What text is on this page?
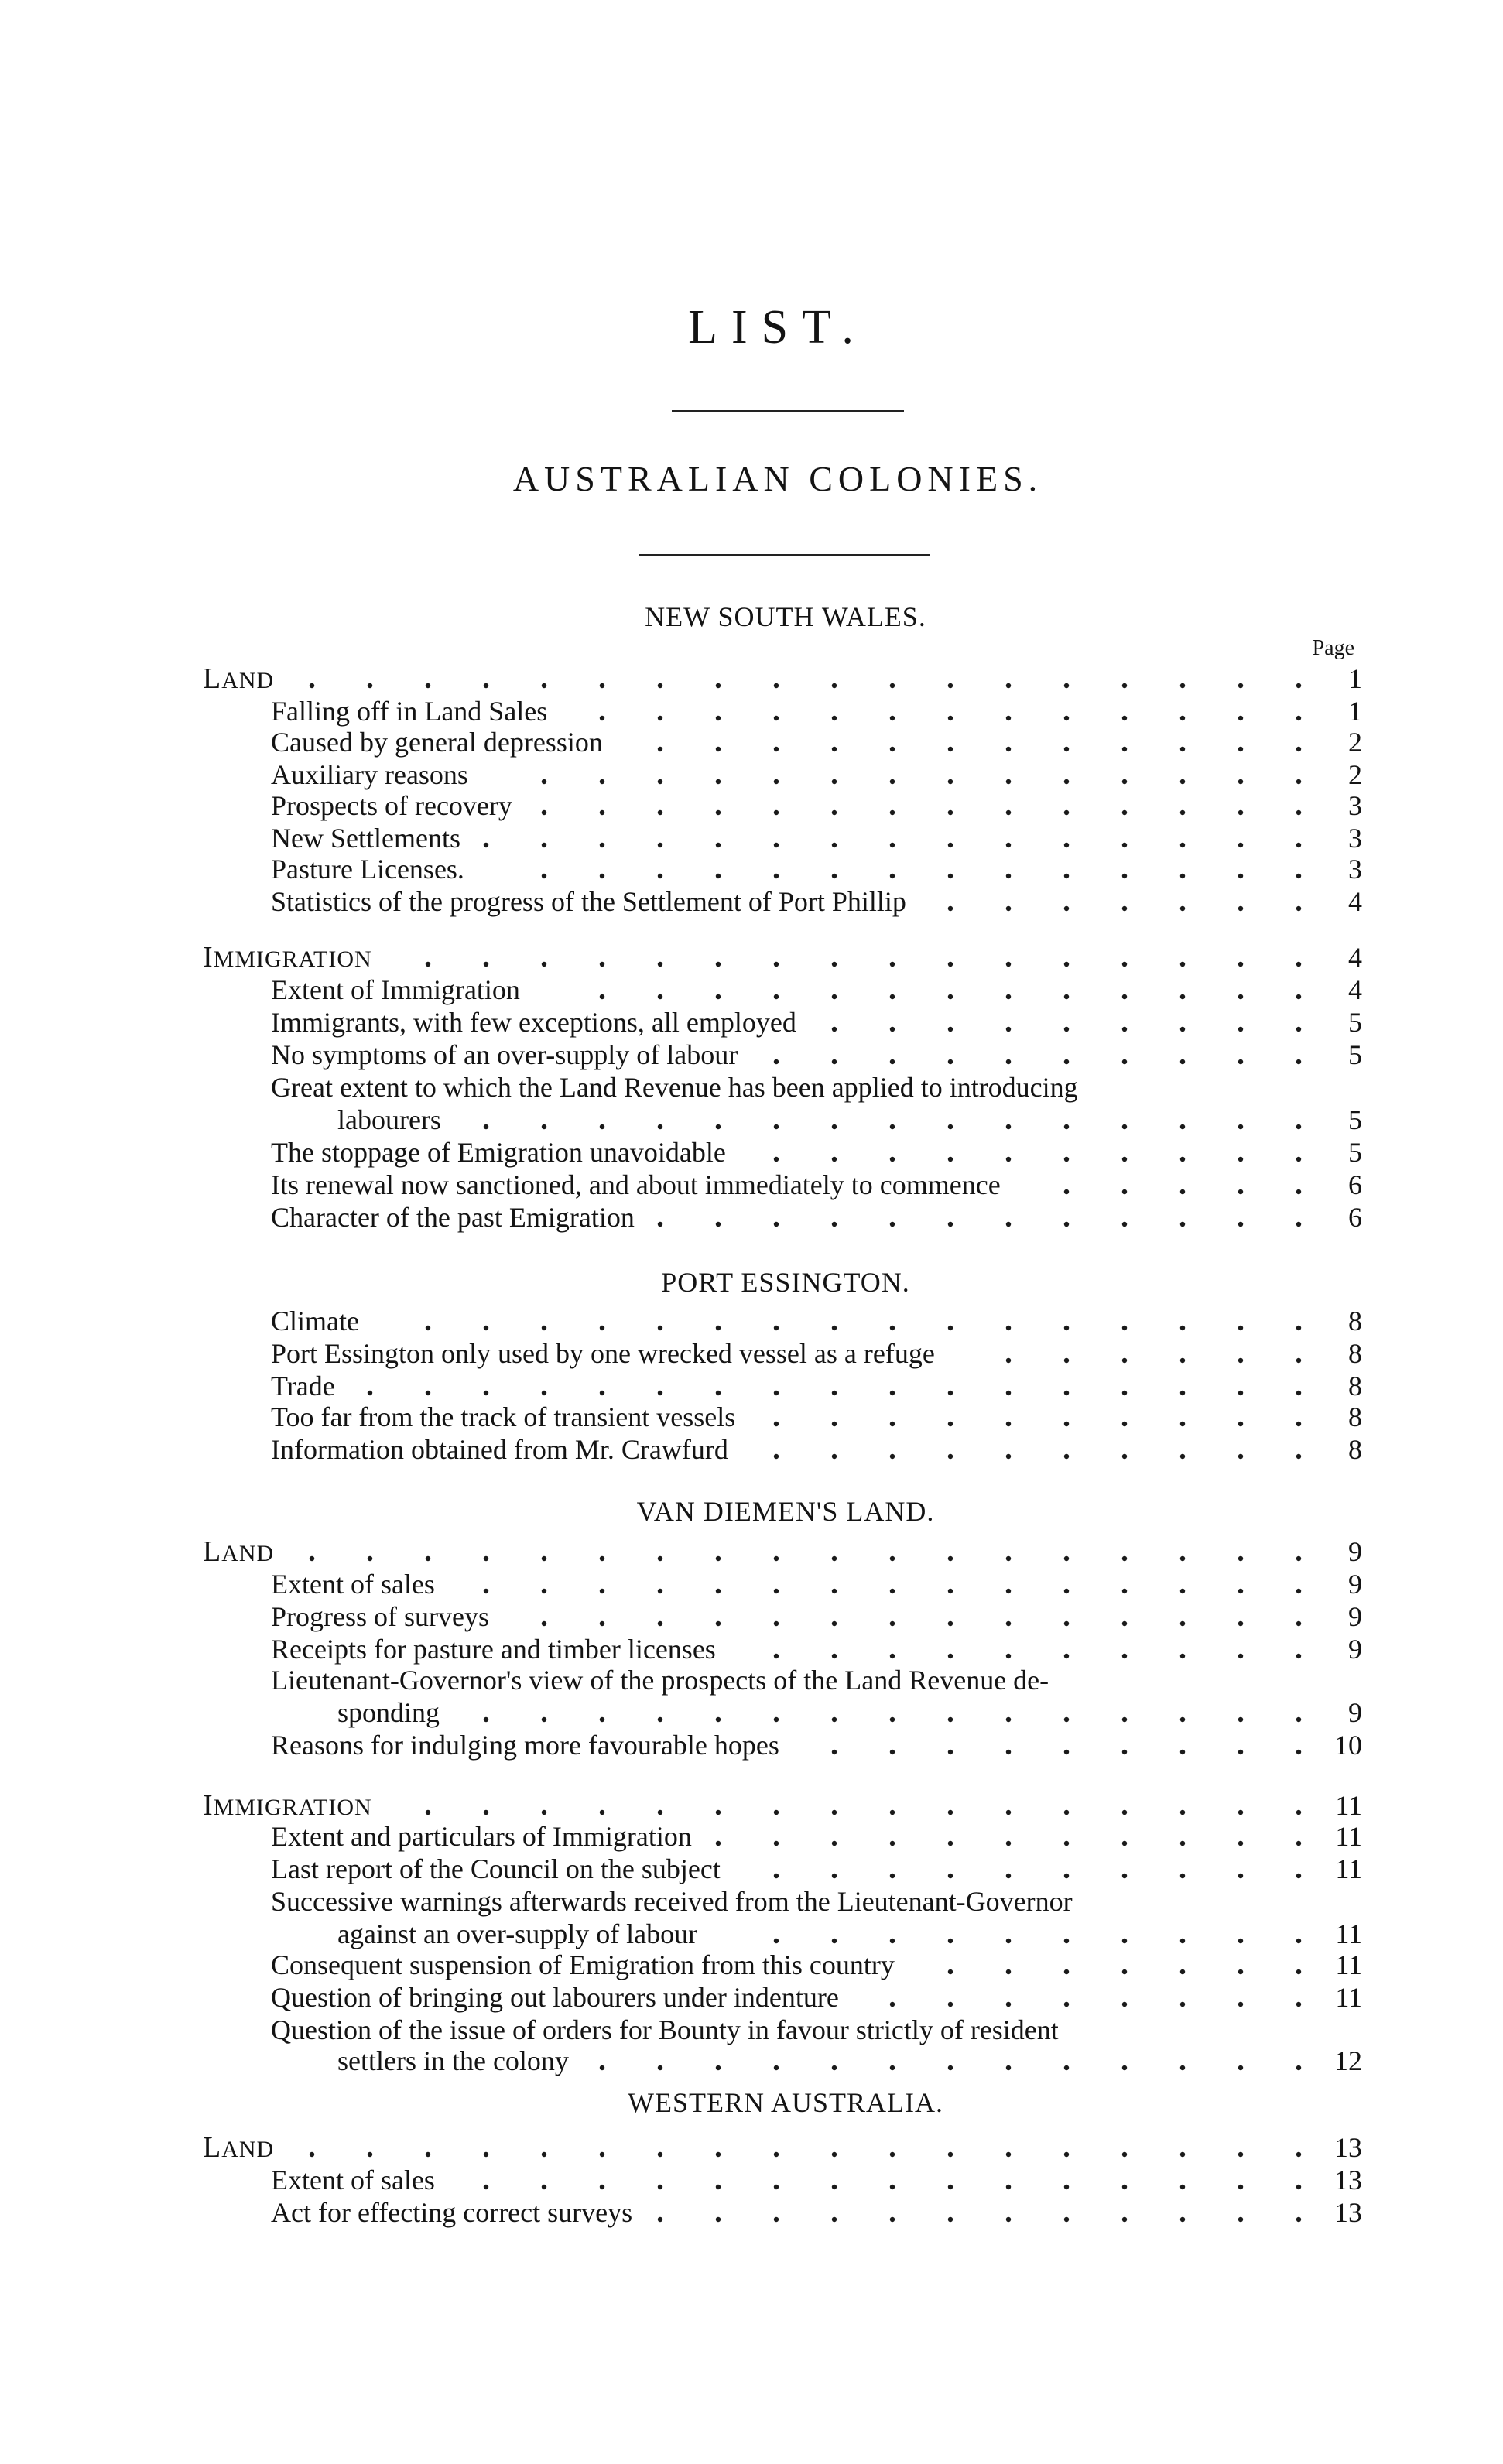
LIST.
AUSTRALIAN COLONIES.
Page
NEW SOUTH WALES.
LAND	1
Falling off in Land Sales	1
Caused by general depression	2
Auxiliary reasons	2
Prospects of recovery	3
New Settlements	3
Pasture Licenses.	3
Statistics of the progress of the Settlement of Port Phillip	4
IMMIGRATION	4
Extent of Immigration	4
Immigrants, with few exceptions, all employed	5
No symptoms of an over-supply of labour	5
Great extent to which the Land Revenue has been applied to introducing
labourers	5
The stoppage of Emigration unavoidable	5
Its renewal now sanctioned, and about immediately to commence	6
Character of the past Emigration	6
PORT ESSINGTON.
Climate	8
Port Essington only used by one wrecked vessel as a refuge	8
Trade	8
Too far from the track of transient vessels	8
Information obtained from Mr. Crawfurd	8
VAN DIEMEN'S LAND.
LAND	9
Extent of sales	9
Progress of surveys	9
Receipts for pasture and timber licenses	9
Lieutenant-Governor's view of the prospects of the Land Revenue de-
sponding	9
Reasons for indulging more favourable hopes	10
IMMIGRATION	11
Extent and particulars of Immigration	11
Last report of the Council on the subject	11
Successive warnings afterwards received from the Lieutenant-Governor
against an over-supply of labour	11
Consequent suspension of Emigration from this country	11
Question of bringing out labourers under indenture	11
Question of the issue of orders for Bounty in favour strictly of resident
settlers in the colony	12
WESTERN AUSTRALIA.
LAND	13
Extent of sales	13
Act for effecting correct surveys	13
